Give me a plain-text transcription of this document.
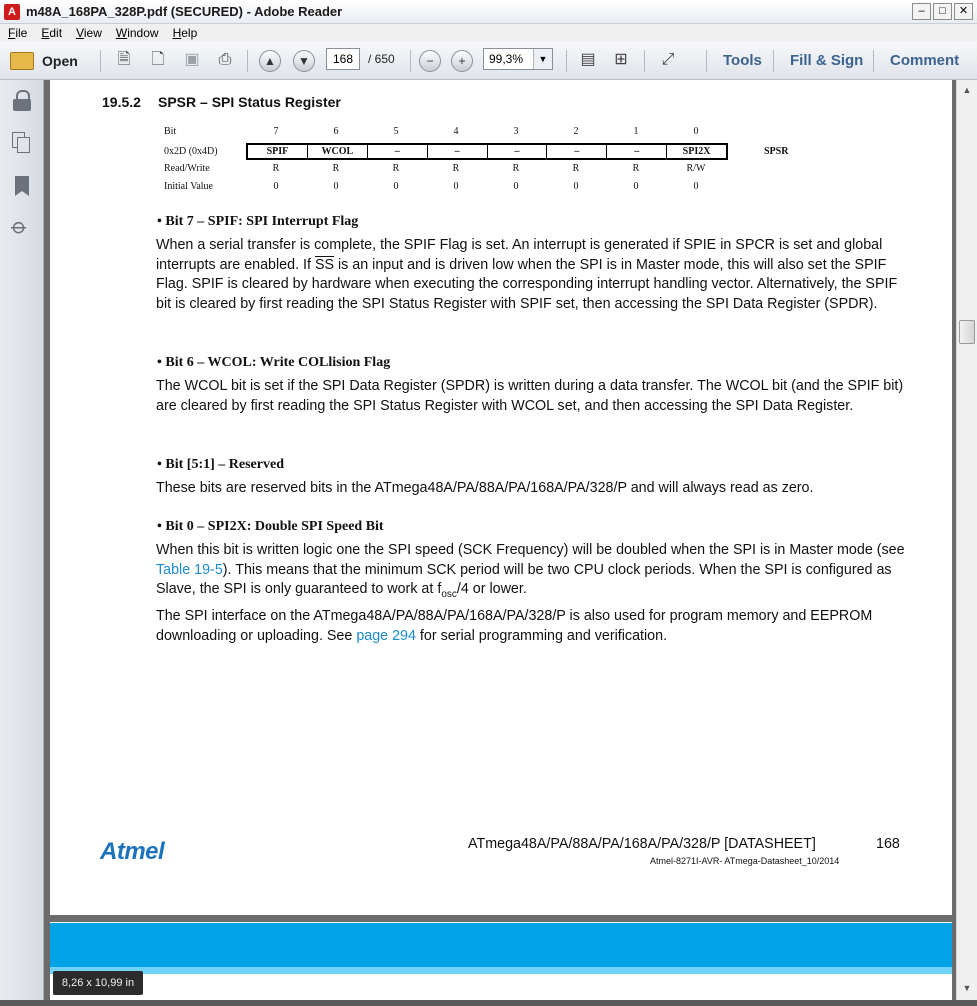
A m48A_168PA_328P.pdf (SECURED) - Adobe Reader	–	□	✕
File Edit View Window Help
Open	🗎	🗋	▣	⎙	▲	▼	−	+	▤	⊞	⤢
168	/ 650	99,3%	▼	Tools Fill & Sign Comment
⌀
19.5.2 SPSR – SPI Status Register
Bit	7	6	5	4	3	2	1	0
0x2D (0x4D)	SPIF	WCOL	–	–	–	–	–	SPI2X	SPSR
Read/Write	R	R	R	R	R	R	R	R/W
Initial Value	0	0	0	0	0	0	0	0
• Bit 7 – SPIF: SPI Interrupt Flag
When a serial transfer is complete, the SPIF Flag is set. An interrupt is generated if SPIE in SPCR is set and global interrupts are enabled. If $\overline{SS}$ is an input and is driven low when the SPI is in Master mode, this will also set the SPIF Flag. SPIF is cleared by hardware when executing the corresponding interrupt handling vector. Alternatively, the SPIF bit is cleared by first reading the SPI Status Register with SPIF set, then accessing the SPI Data Register (SPDR).
• Bit 6 – WCOL: Write COLlision Flag
The WCOL bit is set if the SPI Data Register (SPDR) is written during a data transfer. The WCOL bit (and the SPIF bit) are cleared by first reading the SPI Status Register with WCOL set, and then accessing the SPI Data Register.
• Bit [5:1] – Reserved
These bits are reserved bits in the ATmega48A/PA/88A/PA/168A/PA/328/P and will always read as zero.
• Bit 0 – SPI2X: Double SPI Speed Bit
When this bit is written logic one the SPI speed (SCK Frequency) will be doubled when the SPI is in Master mode (see Table 19-5). This means that the minimum SCK period will be two CPU clock periods. When the SPI is configured as Slave, the SPI is only guaranteed to work at $f_{osc}/4$ or lower.
The SPI interface on the ATmega48A/PA/88A/PA/168A/PA/328/P is also used for program memory and EEPROM downloading or uploading. See page 294 for serial programming and verification.
Atmel	ATmega48A/PA/88A/PA/168A/PA/328/P [DATASHEET]	168
Atmel-8271I-AVR- ATmega-Datasheet_10/2014
8,26 x 10,99 in
▲
▼
